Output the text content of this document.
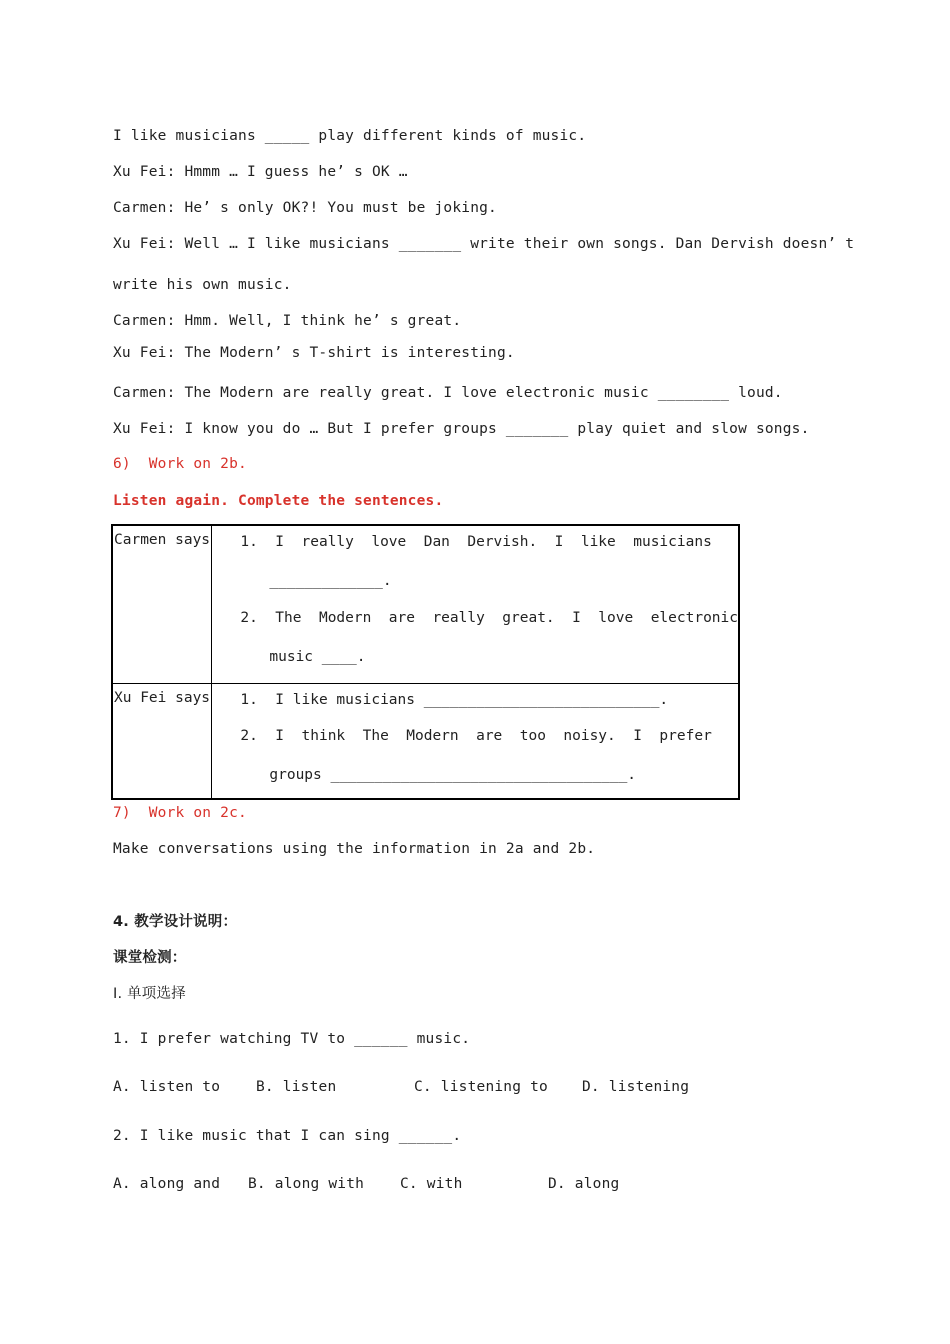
I like musicians _____ play different kinds of music.
Xu Fei: Hmmm … I guess he’ s OK …
Carmen: He’ s only OK?! You must be joking.
Xu Fei: Well … I like musicians _______ write their own songs. Dan Dervish doesn’ t
write his own music.
Carmen: Hmm. Well, I think he’ s great.
Xu Fei: The Modern’ s T-shirt is interesting.
Carmen: The Modern are really great. I love electronic music ________ loud.
Xu Fei: I know you do … But I prefer groups _______ play quiet and slow songs.
6)  Work on 2b.
Listen again. Complete the sentences.
Carmen says	1.  I  really  love  Dan  Dervish.  I  like  musicians
_____________.
2.  The  Modern  are  really  great.  I  love  electronic
music ____.

Xu Fei says	1.  I like musicians ___________________________.
2.  I  think  The  Modern  are  too  noisy.  I  prefer
groups __________________________________.
7)  Work on 2c.
Make conversations using the information in 2a and 2b.
4. 教学设计说明：
课堂检测：
Ⅰ. 单项选择
1. I prefer watching TV to ______ music.
A. listen to B. listen	C. listening to D. listening
2. I like music that I can sing ______.
A. along and B. along with C. with	D. along
